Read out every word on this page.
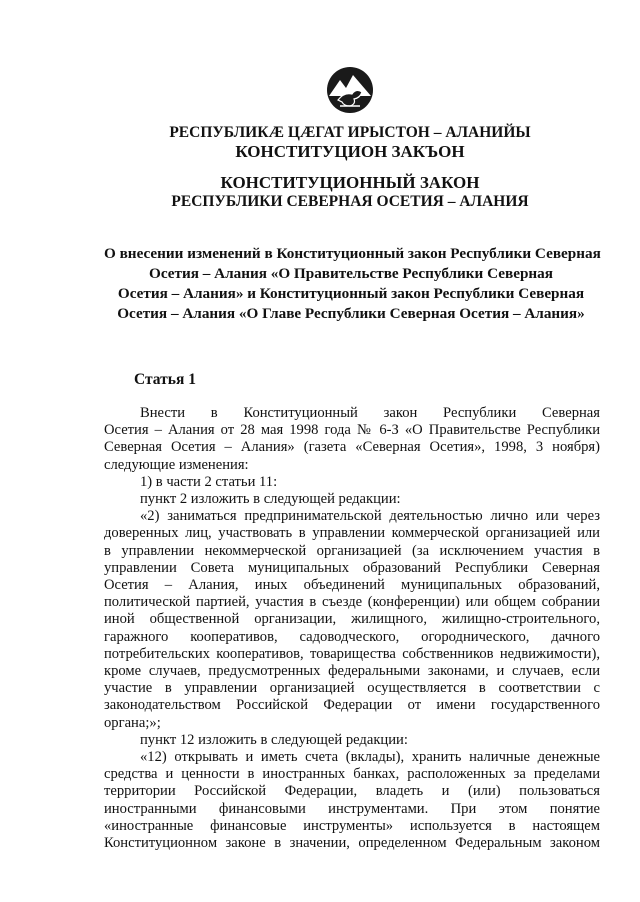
РЕСПУБЛИКÆ ЦÆГАТ ИРЫСТОН – АЛАНИЙЫ

КОНСТИТУЦИОН ЗАКЪОН

КОНСТИТУЦИОННЫЙ ЗАКОН

РЕСПУБЛИКИ СЕВЕРНАЯ ОСЕТИЯ – АЛАНИЯ

О внесении изменений в Конституционный закон Республики Северная
Осетия – Алания «О Правительстве Республики Северная
Осетия – Алания» и Конституционный закон Республики Северная
Осетия – Алания «О Главе Республики Северная Осетия – Алания»

Статья 1

Внести в Конституционный закон Республики Северная
Осетия – Алания от 28 мая 1998 года № 6-З «О Правительстве Республики
Северная Осетия – Алания» (газета «Северная Осетия», 1998, 3 ноября)
следующие изменения:

1) в части 2 статьи 11:

пункт 2 изложить в следующей редакции:

«2) заниматься предпринимательской деятельностью лично или через
доверенных лиц, участвовать в управлении коммерческой организацией или
в управлении некоммерческой организацией (за исключением участия в
управлении Совета муниципальных образований Республики Северная
Осетия – Алания, иных объединений муниципальных образований,
политической партией, участия в съезде (конференции) или общем собрании
иной общественной организации, жилищного, жилищно-строительного,
гаражного кооперативов, садоводческого, огороднического, дачного
потребительских кооперативов, товарищества собственников недвижимости),
кроме случаев, предусмотренных федеральными законами, и случаев, если
участие в управлении организацией осуществляется в соответствии с
законодательством Российской Федерации от имени государственного
органа;»;

пункт 12 изложить в следующей редакции:

«12) открывать и иметь счета (вклады), хранить наличные денежные
средства и ценности в иностранных банках, расположенных за пределами
территории Российской Федерации, владеть и (или) пользоваться
иностранными финансовыми инструментами. При этом понятие
«иностранные финансовые инструменты» используется в настоящем
Конституционном законе в значении, определенном Федеральным законом
